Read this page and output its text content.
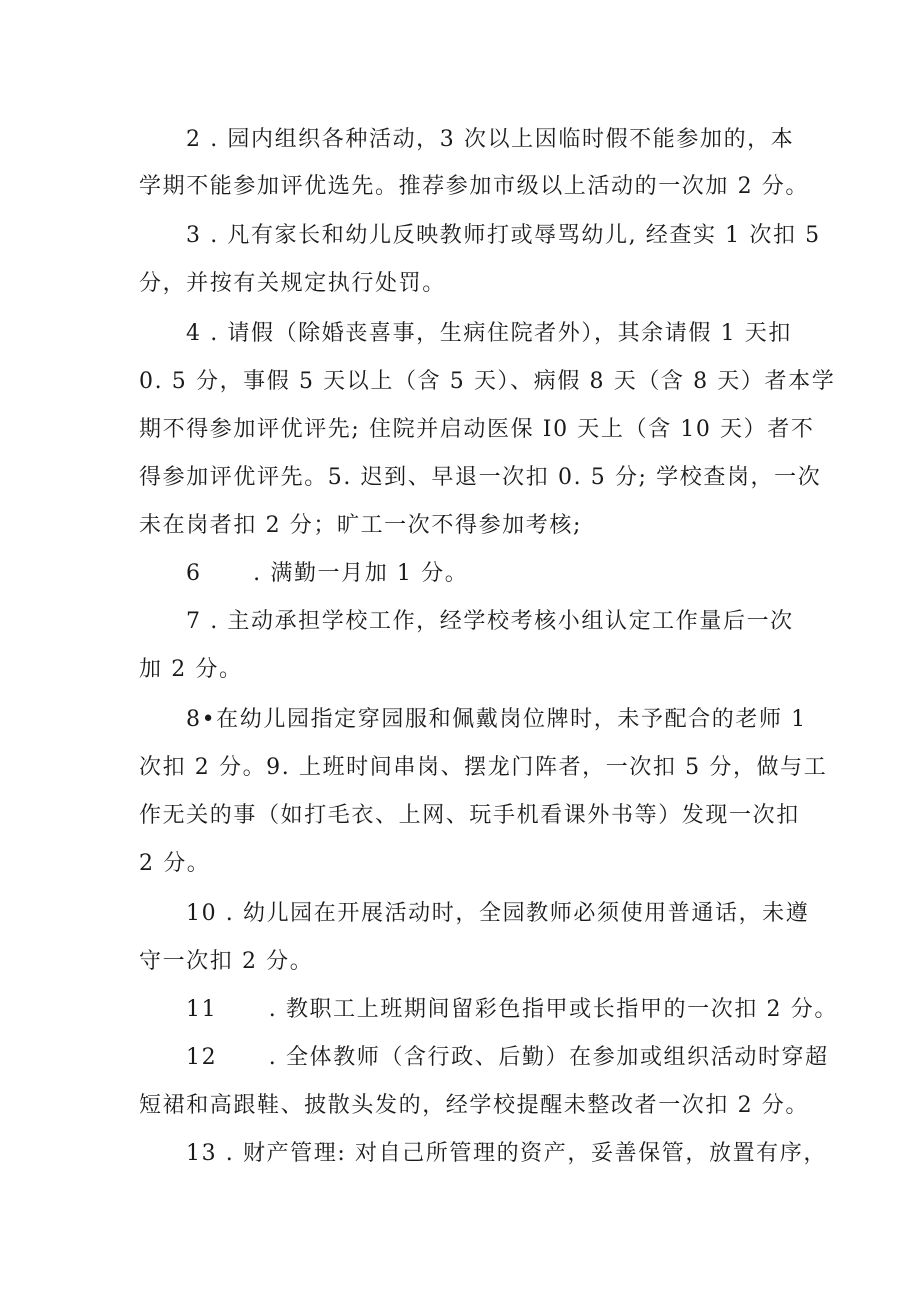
2 . 园内组织各种活动，3 次以上因临时假不能参加的，本
学期不能参加评优选先。推荐参加市级以上活动的一次加 2 分。
3 . 凡有家长和幼儿反映教师打或辱骂幼儿, 经查实 1 次扣 5
分，并按有关规定执行处罚。
4 . 请假（除婚丧喜事，生病住院者外），其余请假 1 天扣
0. 5 分，事假 5 天以上（含 5 天）、病假 8 天（含 8 天）者本学
期不得参加评优评先; 住院并启动医保 I0 天上（含 10 天）者不
得参加评优评先。5. 迟到、早退一次扣 0. 5 分; 学校查岗，一次
未在岗者扣 2 分；旷工一次不得参加考核;
6      . 满勤一月加 1 分。
7 . 主动承担学校工作，经学校考核小组认定工作量后一次
加 2 分。
8•在幼儿园指定穿园服和佩戴岗位牌时，未予配合的老师 1
次扣 2 分。9. 上班时间串岗、摆龙门阵者，一次扣 5 分，做与工
作无关的事（如打毛衣、上网、玩手机看课外书等）发现一次扣
2 分。
10 . 幼儿园在开展活动时，全园教师必须使用普通话，未遵
守一次扣 2 分。
11      . 教职工上班期间留彩色指甲或长指甲的一次扣 2 分。
12      . 全体教师（含行政、后勤）在参加或组织活动时穿超
短裙和高跟鞋、披散头发的，经学校提醒未整改者一次扣 2 分。
13 . 财产管理: 对自己所管理的资产，妥善保管，放置有序，
